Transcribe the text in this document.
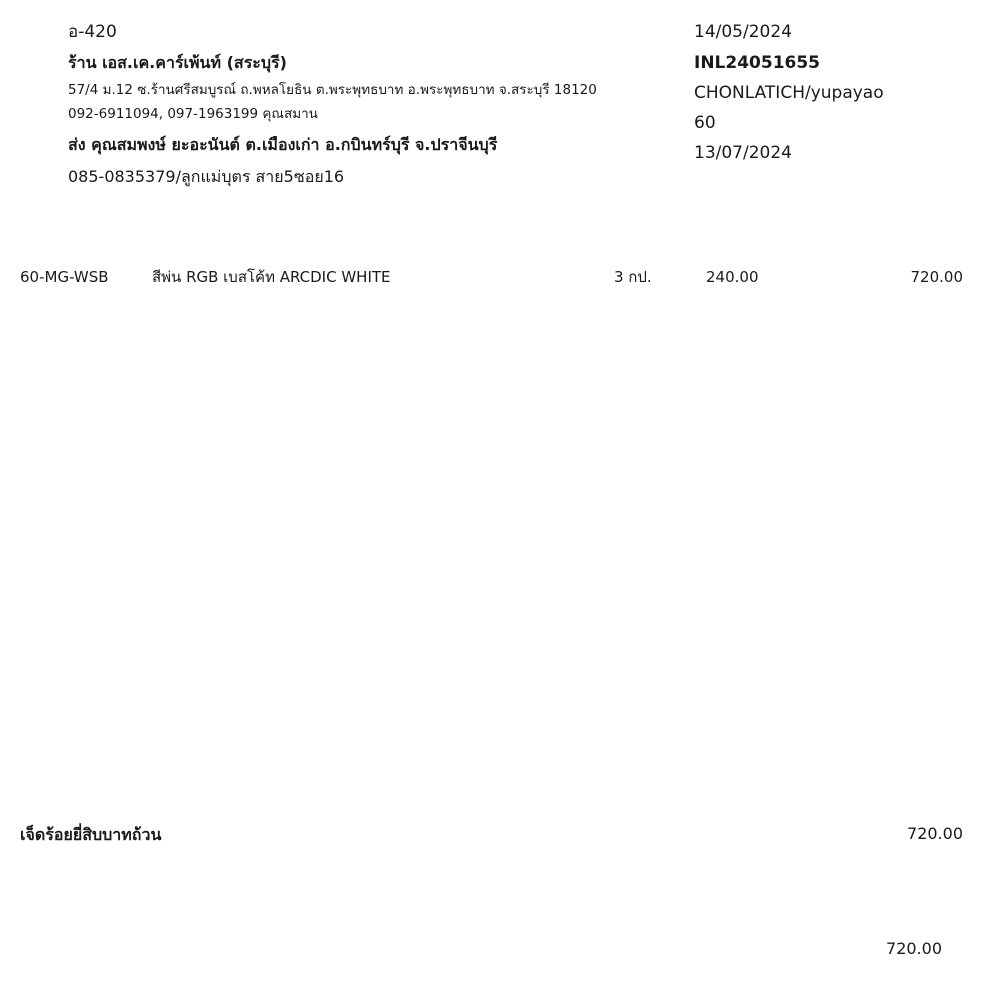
อ-420
ร้าน เอส.เค.คาร์เพ้นท์ (สระบุรี)
57/4 ม.12 ซ.ร้านศรีสมบูรณ์ ถ.พหลโยธิน ต.พระพุทธบาท อ.พระพุทธบาท จ.สระบุรี 18120
092-6911094, 097-1963199 คุณสมาน
ส่ง คุณสมพงษ์ ยะอะนันต์ ต.เมืองเก่า อ.กบินทร์บุรี จ.ปราจีนบุรี
085-0835379/ลูกแม่บุตร สาย5ซอย16
14/05/2024
INL24051655
CHONLATICH/yupayao
60
13/07/2024
60-MG-WSB	สีพ่น RGB เบสโค้ท ARCDIC WHITE	3 กป.	240.00	720.00
เจ็ดร้อยยี่สิบบาทถ้วน	720.00
720.00
